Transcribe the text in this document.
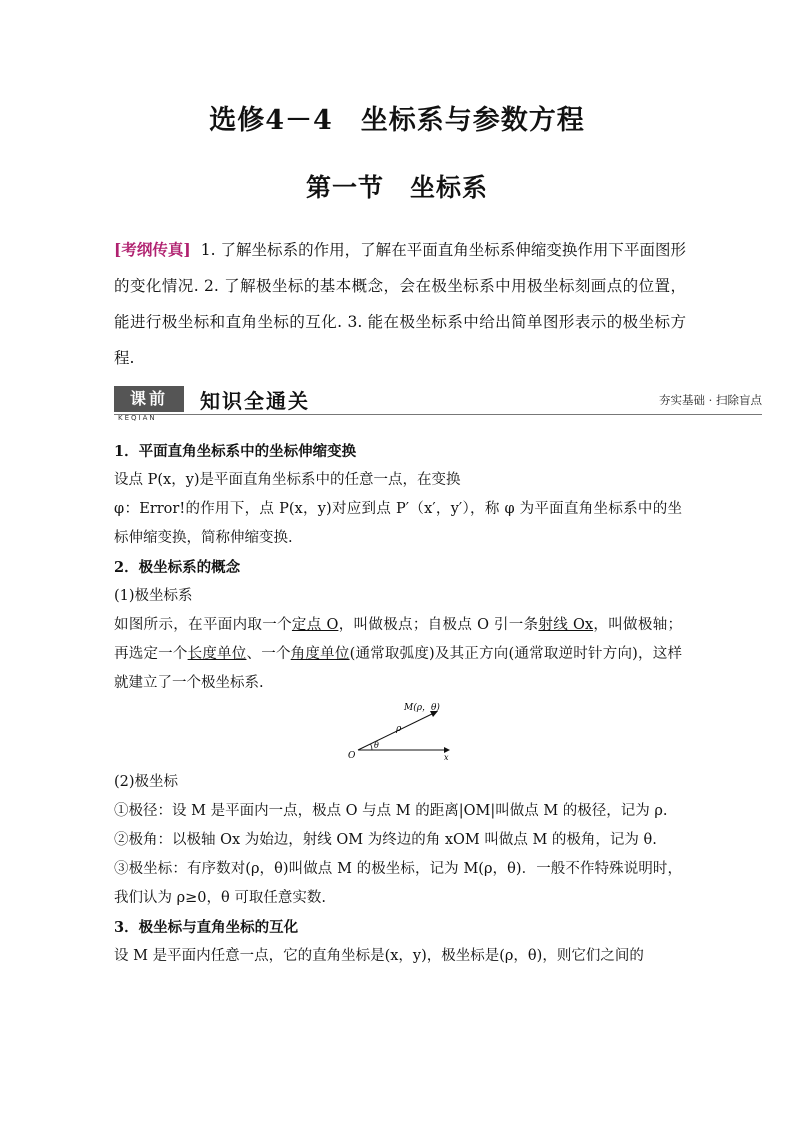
选修4－4　坐标系与参数方程
第一节　坐标系
[考纲传真] 1. 了解坐标系的作用，了解在平面直角坐标系伸缩变换作用下平面图形的变化情况. 2. 了解极坐标的基本概念，会在极坐标系中用极坐标刻画点的位置，能进行极坐标和直角坐标的互化. 3. 能在极坐标系中给出简单图形表示的极坐标方程.
课前
KEQIAN
知识全通关	夯实基础 · 扫除盲点

1．平面直角坐标系中的坐标伸缩变换

设点 P(x，y)是平面直角坐标系中的任意一点，在变换

φ：Error!的作用下，点 P(x，y)对应到点 P′（x′，y′），称 φ 为平面直角坐标系中的坐标伸缩变换，简称伸缩变换.

2．极坐标系的概念

(1)极坐标系

如图所示，在平面内取一个定点 O，叫做极点；自极点 O 引一条射线 Ox，叫做极轴；再选定一个长度单位、一个角度单位(通常取弧度)及其正方向(通常取逆时针方向)，这样就建立了一个极坐标系.

M(ρ，θ)
ρ
θ
O	x

(2)极坐标

①极径：设 M 是平面内一点，极点 O 与点 M 的距离|OM|叫做点 M 的极径，记为 ρ.

②极角：以极轴 Ox 为始边，射线 OM 为终边的角 xOM 叫做点 M 的极角，记为 θ.

③极坐标：有序数对(ρ，θ)叫做点 M 的极坐标，记为 M(ρ，θ)．一般不作特殊说明时，我们认为 ρ≥0，θ 可取任意实数.

3．极坐标与直角坐标的互化

设 M 是平面内任意一点，它的直角坐标是(x，y)，极坐标是(ρ，θ)，则它们之间的
